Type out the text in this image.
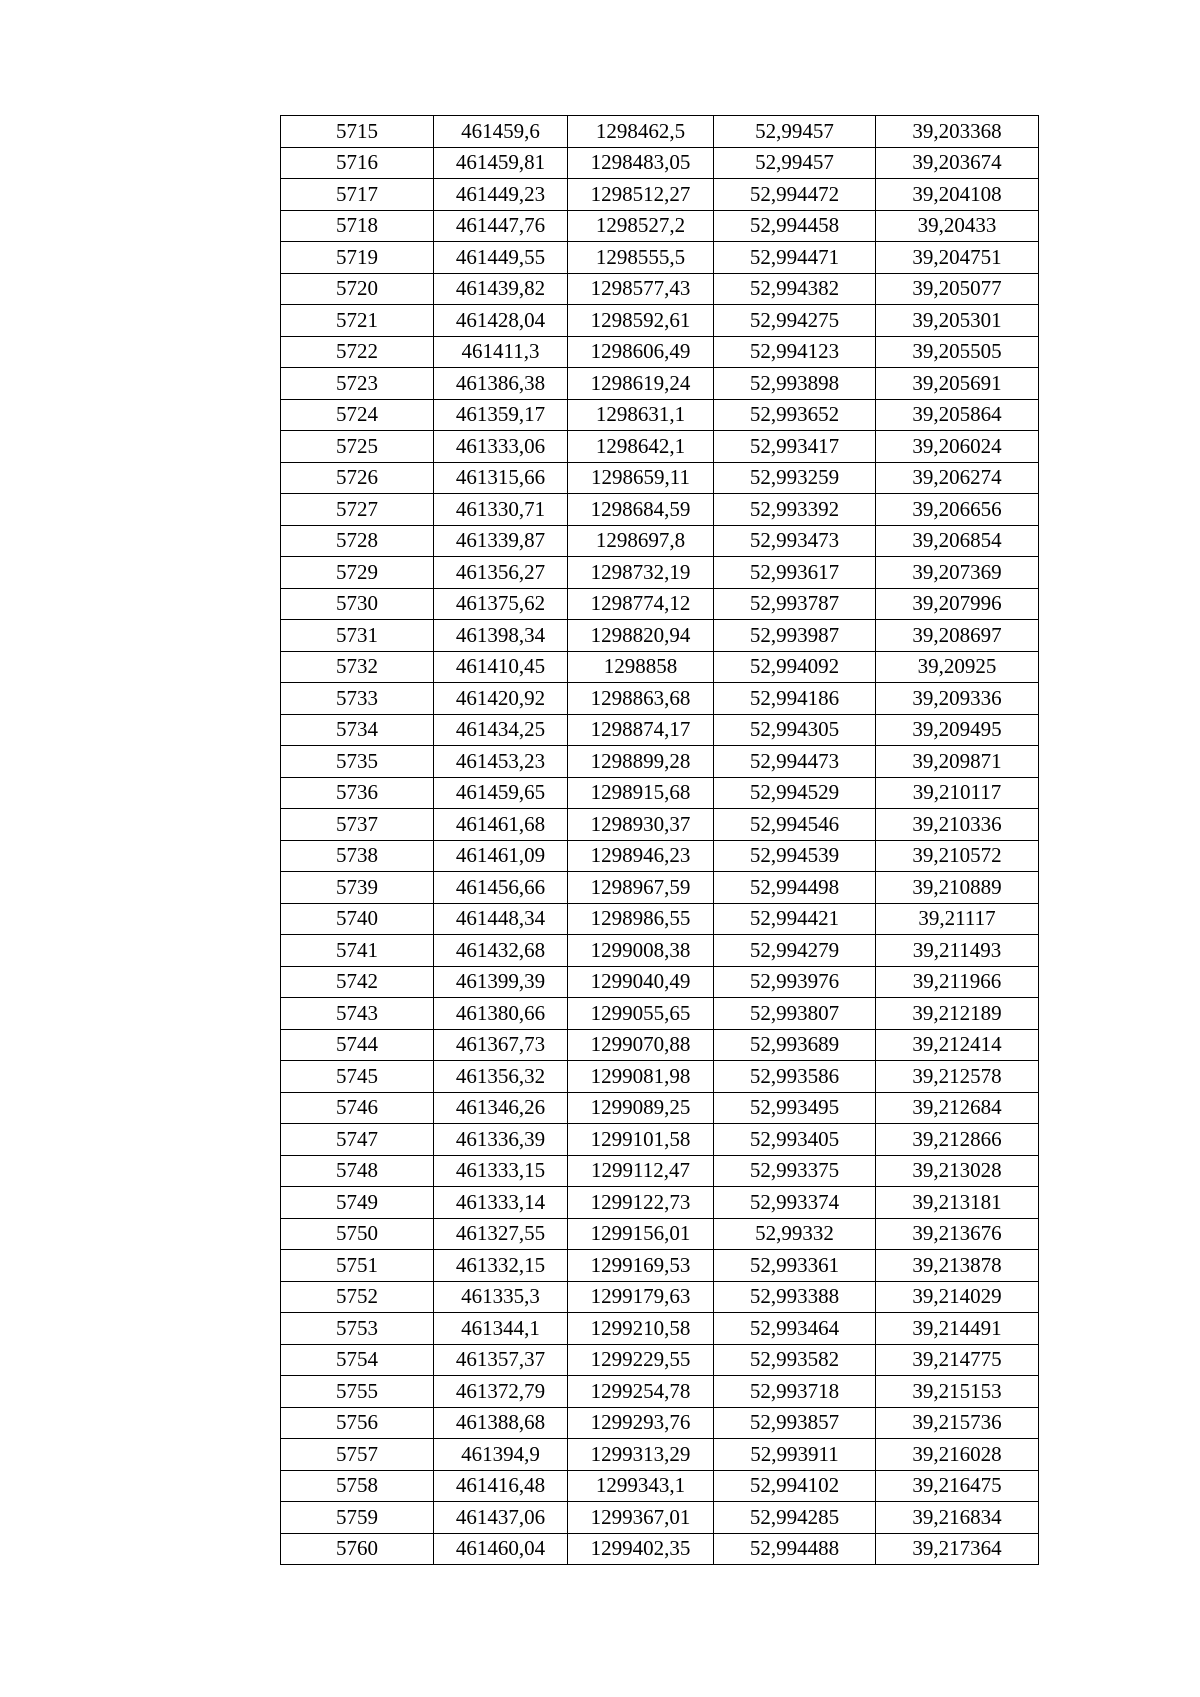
5715	461459,6	1298462,5	52,99457	39,203368
5716	461459,81	1298483,05	52,99457	39,203674
5717	461449,23	1298512,27	52,994472	39,204108
5718	461447,76	1298527,2	52,994458	39,20433
5719	461449,55	1298555,5	52,994471	39,204751
5720	461439,82	1298577,43	52,994382	39,205077
5721	461428,04	1298592,61	52,994275	39,205301
5722	461411,3	1298606,49	52,994123	39,205505
5723	461386,38	1298619,24	52,993898	39,205691
5724	461359,17	1298631,1	52,993652	39,205864
5725	461333,06	1298642,1	52,993417	39,206024
5726	461315,66	1298659,11	52,993259	39,206274
5727	461330,71	1298684,59	52,993392	39,206656
5728	461339,87	1298697,8	52,993473	39,206854
5729	461356,27	1298732,19	52,993617	39,207369
5730	461375,62	1298774,12	52,993787	39,207996
5731	461398,34	1298820,94	52,993987	39,208697
5732	461410,45	1298858	52,994092	39,20925
5733	461420,92	1298863,68	52,994186	39,209336
5734	461434,25	1298874,17	52,994305	39,209495
5735	461453,23	1298899,28	52,994473	39,209871
5736	461459,65	1298915,68	52,994529	39,210117
5737	461461,68	1298930,37	52,994546	39,210336
5738	461461,09	1298946,23	52,994539	39,210572
5739	461456,66	1298967,59	52,994498	39,210889
5740	461448,34	1298986,55	52,994421	39,21117
5741	461432,68	1299008,38	52,994279	39,211493
5742	461399,39	1299040,49	52,993976	39,211966
5743	461380,66	1299055,65	52,993807	39,212189
5744	461367,73	1299070,88	52,993689	39,212414
5745	461356,32	1299081,98	52,993586	39,212578
5746	461346,26	1299089,25	52,993495	39,212684
5747	461336,39	1299101,58	52,993405	39,212866
5748	461333,15	1299112,47	52,993375	39,213028
5749	461333,14	1299122,73	52,993374	39,213181
5750	461327,55	1299156,01	52,99332	39,213676
5751	461332,15	1299169,53	52,993361	39,213878
5752	461335,3	1299179,63	52,993388	39,214029
5753	461344,1	1299210,58	52,993464	39,214491
5754	461357,37	1299229,55	52,993582	39,214775
5755	461372,79	1299254,78	52,993718	39,215153
5756	461388,68	1299293,76	52,993857	39,215736
5757	461394,9	1299313,29	52,993911	39,216028
5758	461416,48	1299343,1	52,994102	39,216475
5759	461437,06	1299367,01	52,994285	39,216834
5760	461460,04	1299402,35	52,994488	39,217364
